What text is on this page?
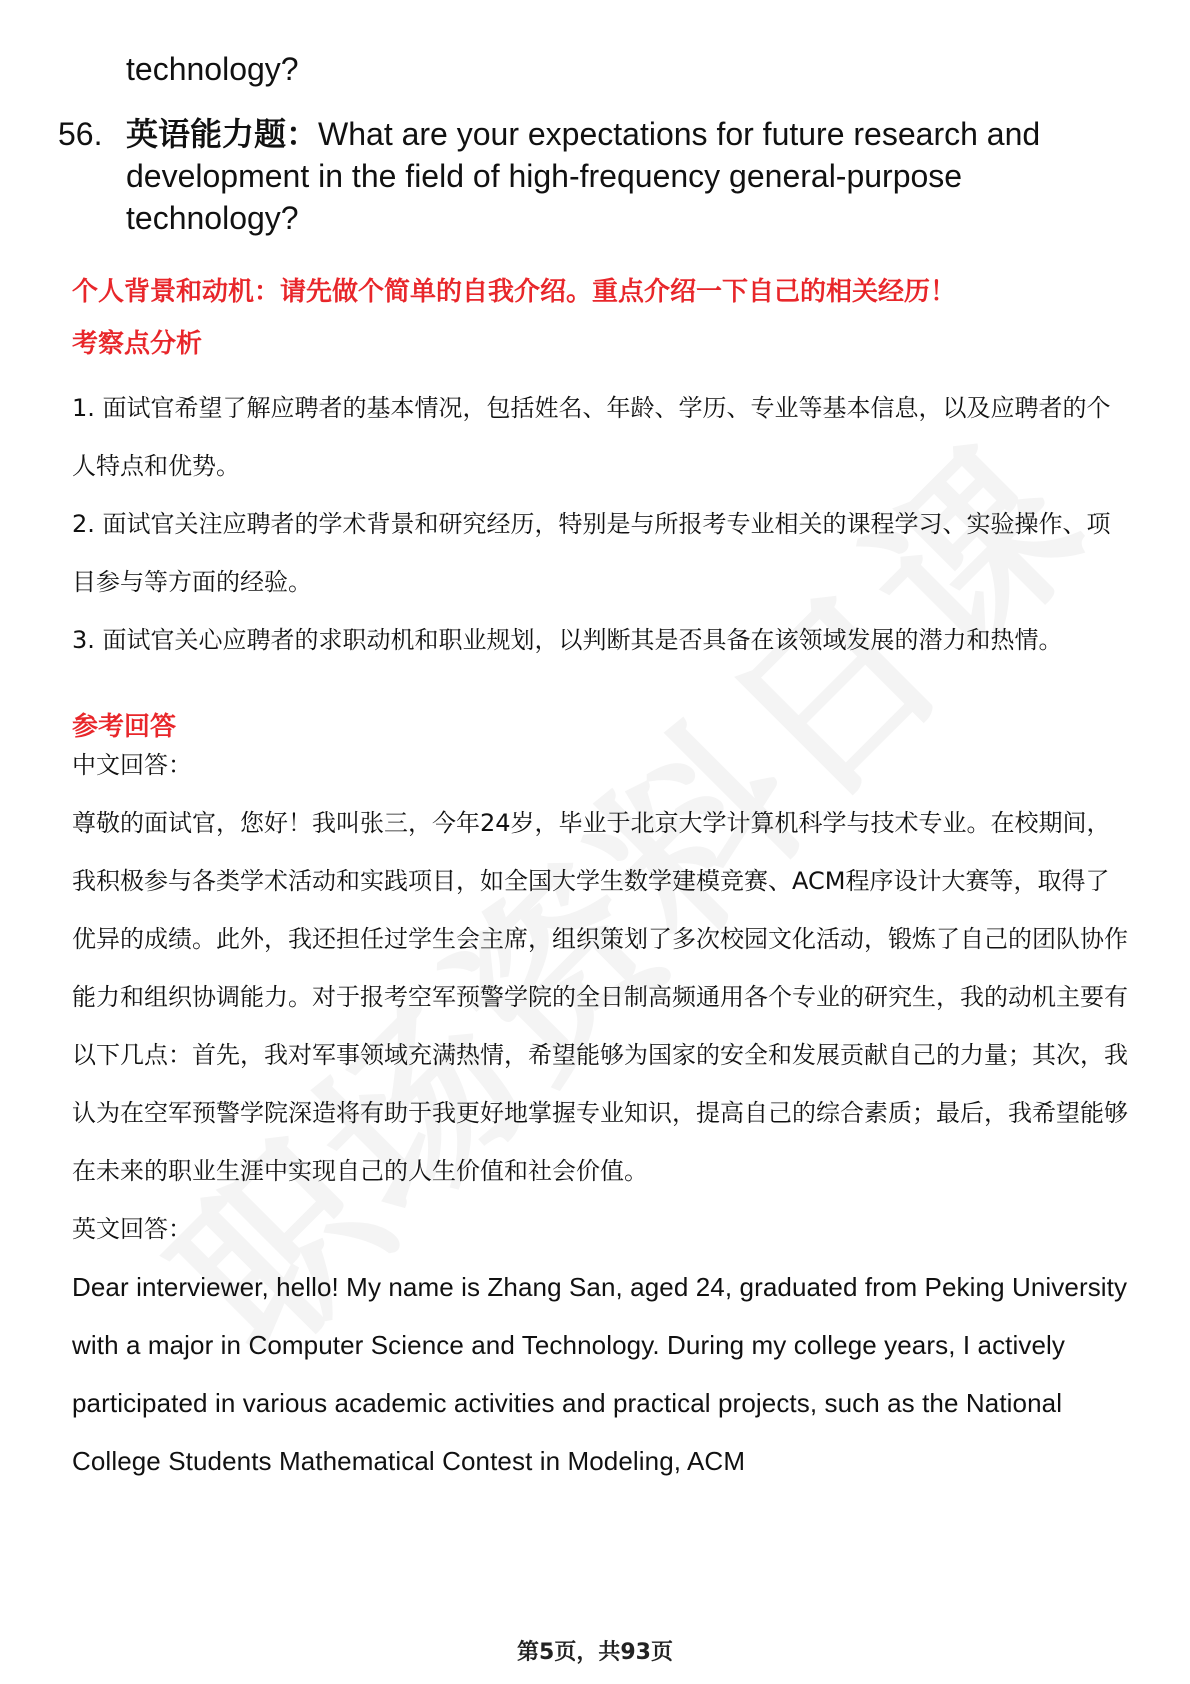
technology?
56. 英语能力题：What are your expectations for future research and development in the field of high-frequency general-purpose technology?
个人背景和动机：请先做个简单的自我介绍。重点介绍一下自己的相关经历！
考察点分析

1. 面试官希望了解应聘者的基本情况，包括姓名、年龄、学历、专业等基本信息，以及应聘者的个人特点和优势。

2. 面试官关注应聘者的学术背景和研究经历，特别是与所报考专业相关的课程学习、实验操作、项目参与等方面的经验。

3. 面试官关心应聘者的求职动机和职业规划，以判断其是否具备在该领域发展的潜力和热情。

参考回答

中文回答：

尊敬的面试官，您好！我叫张三，今年24岁，毕业于北京大学计算机科学与技术专业。在校期间，我积极参与各类学术活动和实践项目，如全国大学生数学建模竞赛、ACM程序设计大赛等，取得了优异的成绩。此外，我还担任过学生会主席，组织策划了多次校园文化活动，锻炼了自己的团队协作能力和组织协调能力。对于报考空军预警学院的全日制高频通用各个专业的研究生，我的动机主要有以下几点：首先，我对军事领域充满热情，希望能够为国家的安全和发展贡献自己的力量；其次，我认为在空军预警学院深造将有助于我更好地掌握专业知识，提高自己的综合素质；最后，我希望能够在未来的职业生涯中实现自己的人生价值和社会价值。

英文回答：

Dear interviewer, hello! My name is Zhang San, aged 24, graduated from Peking University with a major in Computer Science and Technology. During my college years, I actively participated in various academic activities and practical projects, such as the National College Students Mathematical Contest in Modeling, ACM

第5页，共93页
